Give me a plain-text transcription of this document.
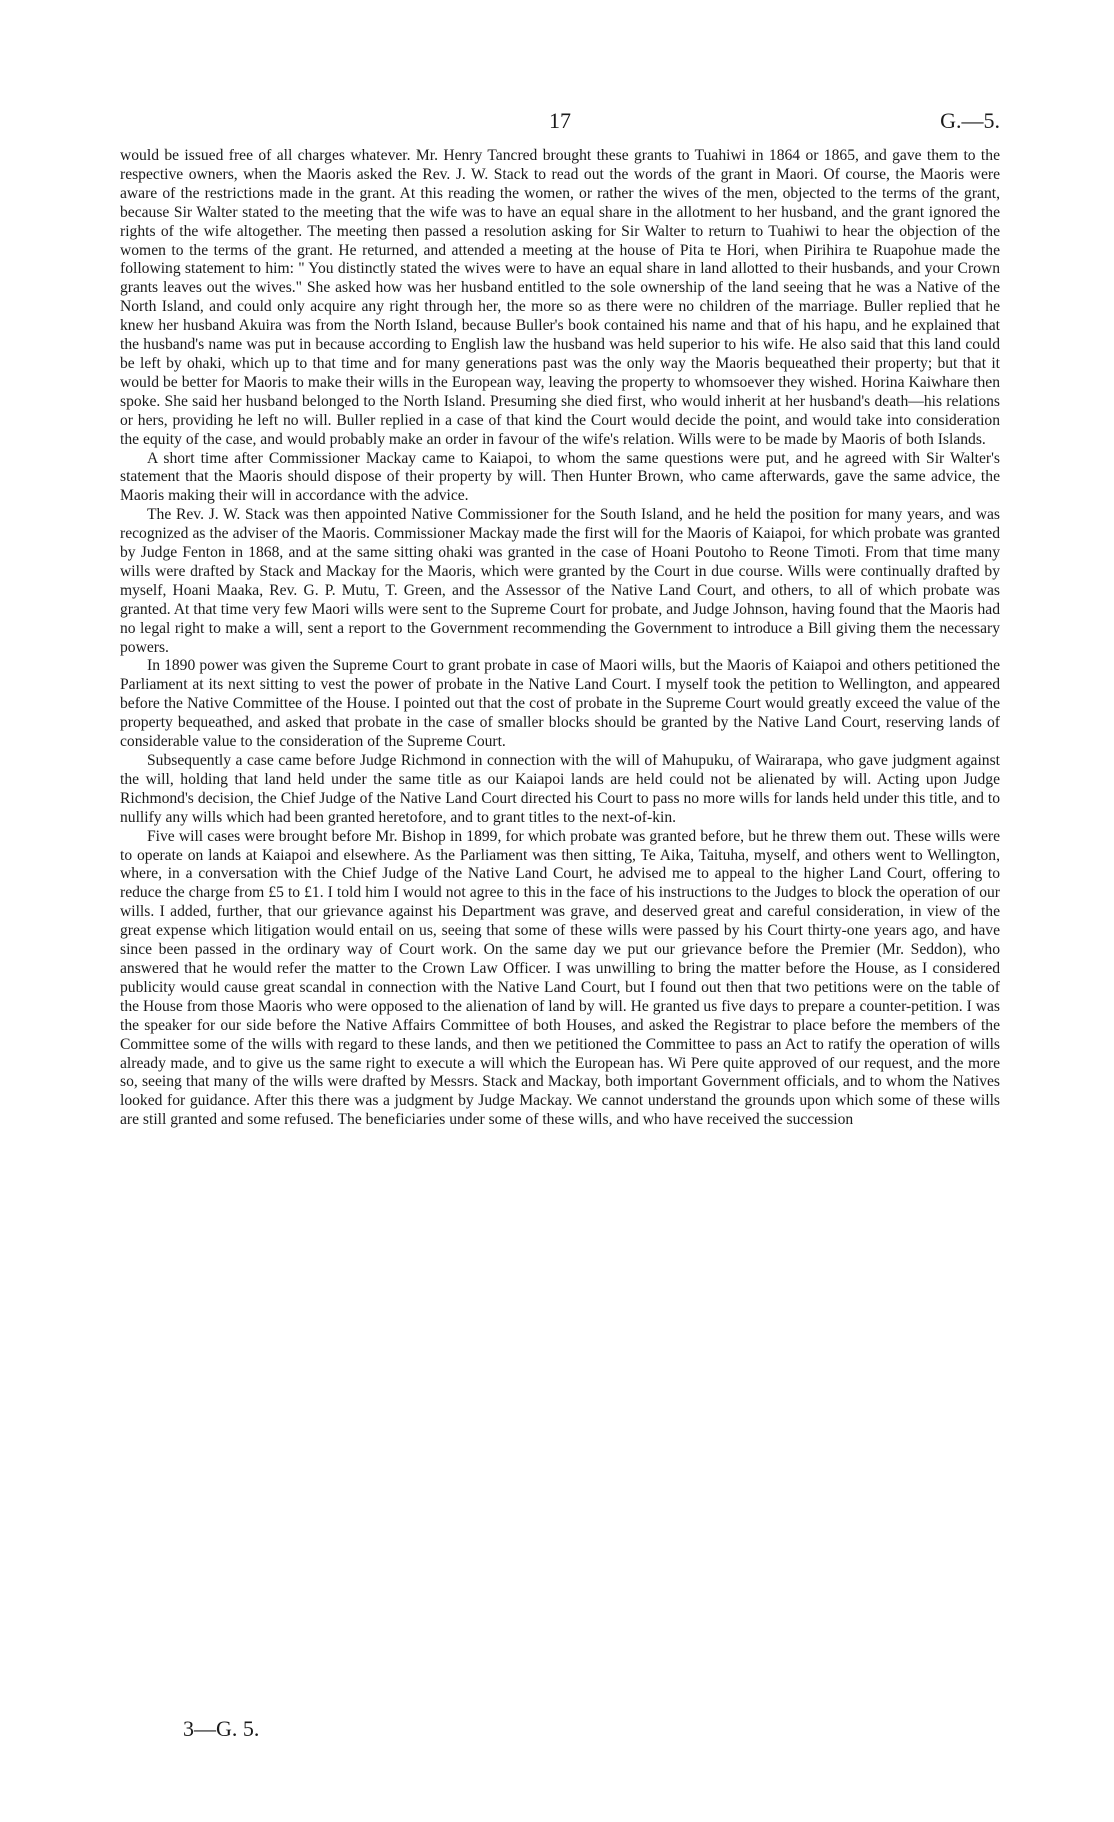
17	G.—5.

would be issued free of all charges whatever. Mr. Henry Tancred brought these grants to Tuahiwi in 1864 or 1865, and gave them to the respective owners, when the Maoris asked the Rev. J. W. Stack to read out the words of the grant in Maori. Of course, the Maoris were aware of the restrictions made in the grant. At this reading the women, or rather the wives of the men, objected to the terms of the grant, because Sir Walter stated to the meeting that the wife was to have an equal share in the allotment to her husband, and the grant ignored the rights of the wife altogether. The meeting then passed a resolution asking for Sir Walter to return to Tuahiwi to hear the objection of the women to the terms of the grant. He returned, and attended a meeting at the house of Pita te Hori, when Pirihira te Ruapohue made the following statement to him: " You distinctly stated the wives were to have an equal share in land allotted to their husbands, and your Crown grants leaves out the wives." She asked how was her husband entitled to the sole ownership of the land seeing that he was a Native of the North Island, and could only acquire any right through her, the more so as there were no children of the marriage. Buller replied that he knew her husband Akuira was from the North Island, because Buller's book contained his name and that of his hapu, and he explained that the husband's name was put in because according to English law the husband was held superior to his wife. He also said that this land could be left by ohaki, which up to that time and for many generations past was the only way the Maoris bequeathed their property; but that it would be better for Maoris to make their wills in the European way, leaving the property to whomsoever they wished. Horina Kaiwhare then spoke. She said her husband belonged to the North Island. Presuming she died first, who would inherit at her husband's death—his relations or hers, providing he left no will. Buller replied in a case of that kind the Court would decide the point, and would take into consideration the equity of the case, and would probably make an order in favour of the wife's relation. Wills were to be made by Maoris of both Islands.

A short time after Commissioner Mackay came to Kaiapoi, to whom the same questions were put, and he agreed with Sir Walter's statement that the Maoris should dispose of their property by will. Then Hunter Brown, who came afterwards, gave the same advice, the Maoris making their will in accordance with the advice.

The Rev. J. W. Stack was then appointed Native Commissioner for the South Island, and he held the position for many years, and was recognized as the adviser of the Maoris. Commissioner Mackay made the first will for the Maoris of Kaiapoi, for which probate was granted by Judge Fenton in 1868, and at the same sitting ohaki was granted in the case of Hoani Poutoho to Reone Timoti. From that time many wills were drafted by Stack and Mackay for the Maoris, which were granted by the Court in due course. Wills were continually drafted by myself, Hoani Maaka, Rev. G. P. Mutu, T. Green, and the Assessor of the Native Land Court, and others, to all of which probate was granted. At that time very few Maori wills were sent to the Supreme Court for probate, and Judge Johnson, having found that the Maoris had no legal right to make a will, sent a report to the Government recommending the Government to introduce a Bill giving them the necessary powers.

In 1890 power was given the Supreme Court to grant probate in case of Maori wills, but the Maoris of Kaiapoi and others petitioned the Parliament at its next sitting to vest the power of probate in the Native Land Court. I myself took the petition to Wellington, and appeared before the Native Committee of the House. I pointed out that the cost of probate in the Supreme Court would greatly exceed the value of the property bequeathed, and asked that probate in the case of smaller blocks should be granted by the Native Land Court, reserving lands of considerable value to the consideration of the Supreme Court.

Subsequently a case came before Judge Richmond in connection with the will of Mahupuku, of Wairarapa, who gave judgment against the will, holding that land held under the same title as our Kaiapoi lands are held could not be alienated by will. Acting upon Judge Richmond's decision, the Chief Judge of the Native Land Court directed his Court to pass no more wills for lands held under this title, and to nullify any wills which had been granted heretofore, and to grant titles to the next-of-kin.

Five will cases were brought before Mr. Bishop in 1899, for which probate was granted before, but he threw them out. These wills were to operate on lands at Kaiapoi and elsewhere. As the Parliament was then sitting, Te Aika, Taituha, myself, and others went to Wellington, where, in a conversation with the Chief Judge of the Native Land Court, he advised me to appeal to the higher Land Court, offering to reduce the charge from £5 to £1. I told him I would not agree to this in the face of his instructions to the Judges to block the operation of our wills. I added, further, that our grievance against his Department was grave, and deserved great and careful consideration, in view of the great expense which litigation would entail on us, seeing that some of these wills were passed by his Court thirty-one years ago, and have since been passed in the ordinary way of Court work. On the same day we put our grievance before the Premier (Mr. Seddon), who answered that he would refer the matter to the Crown Law Officer. I was unwilling to bring the matter before the House, as I considered publicity would cause great scandal in connection with the Native Land Court, but I found out then that two petitions were on the table of the House from those Maoris who were opposed to the alienation of land by will. He granted us five days to prepare a counter-petition. I was the speaker for our side before the Native Affairs Committee of both Houses, and asked the Registrar to place before the members of the Committee some of the wills with regard to these lands, and then we petitioned the Committee to pass an Act to ratify the operation of wills already made, and to give us the same right to execute a will which the European has. Wi Pere quite approved of our request, and the more so, seeing that many of the wills were drafted by Messrs. Stack and Mackay, both important Government officials, and to whom the Natives looked for guidance. After this there was a judgment by Judge Mackay. We cannot understand the grounds upon which some of these wills are still granted and some refused. The beneficiaries under some of these wills, and who have received the succession

3—G. 5.
